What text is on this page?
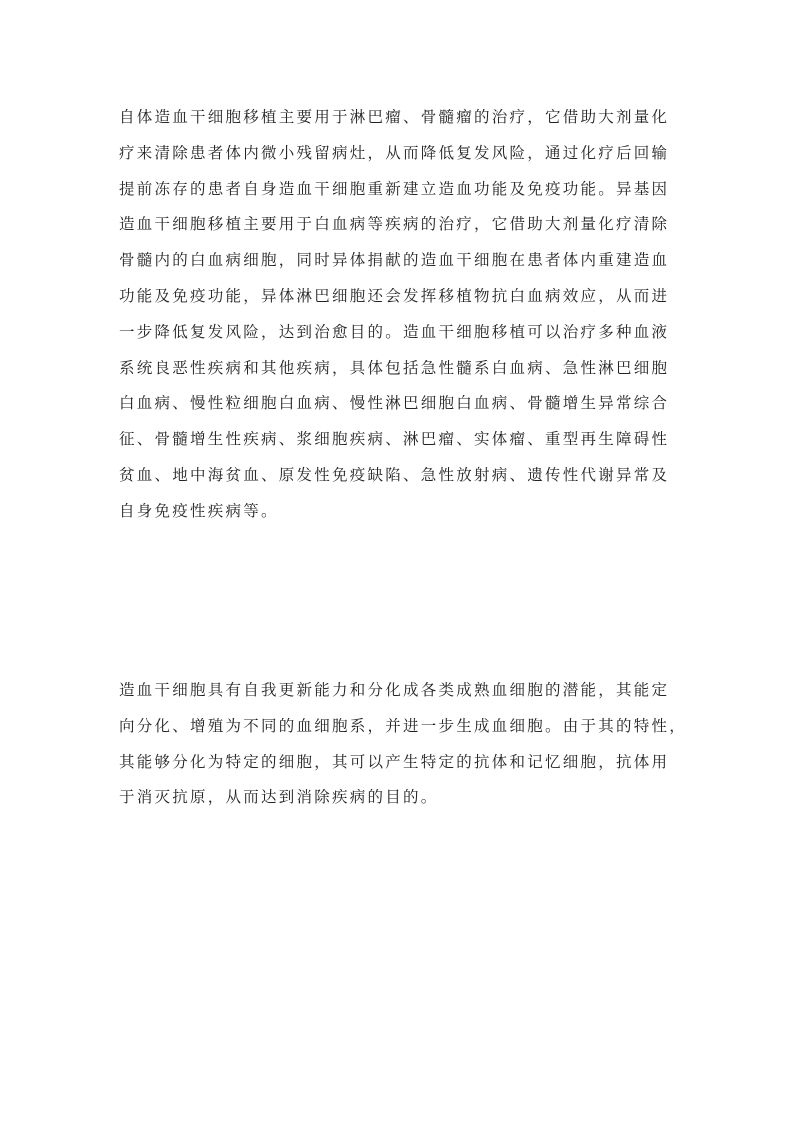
自体造血干细胞移植主要用于淋巴瘤、骨髓瘤的治疗，它借助大剂量化
疗来清除患者体内微小残留病灶，从而降低复发风险，通过化疗后回输
提前冻存的患者自身造血干细胞重新建立造血功能及免疫功能。异基因
造血干细胞移植主要用于白血病等疾病的治疗，它借助大剂量化疗清除
骨髓内的白血病细胞，同时异体捐献的造血干细胞在患者体内重建造血
功能及免疫功能，异体淋巴细胞还会发挥移植物抗白血病效应，从而进
一步降低复发风险，达到治愈目的。造血干细胞移植可以治疗多种血液
系统良恶性疾病和其他疾病，具体包括急性髓系白血病、急性淋巴细胞
白血病、慢性粒细胞白血病、慢性淋巴细胞白血病、骨髓增生异常综合
征、骨髓增生性疾病、浆细胞疾病、淋巴瘤、实体瘤、重型再生障碍性
贫血、地中海贫血、原发性免疫缺陷、急性放射病、遗传性代谢异常及
自身免疫性疾病等。
造血干细胞具有自我更新能力和分化成各类成熟血细胞的潜能，其能定
向分化、增殖为不同的血细胞系，并进一步生成血细胞。由于其的特性，
其能够分化为特定的细胞，其可以产生特定的抗体和记忆细胞，抗体用
于消灭抗原，从而达到消除疾病的目的。
